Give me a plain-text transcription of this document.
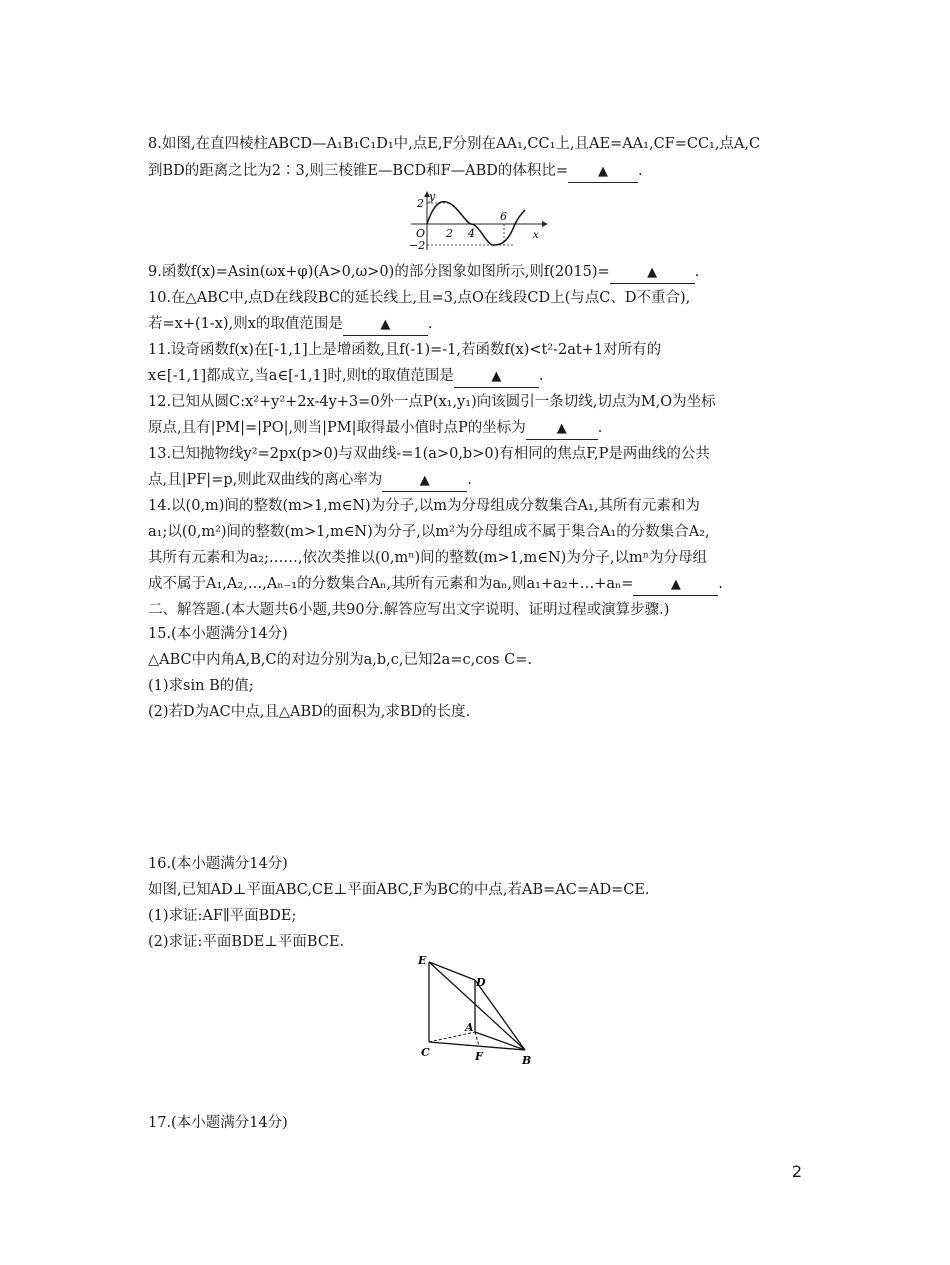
8.如图,在直四棱柱ABCD—A₁B₁C₁D₁中,点E,F分别在AA₁,CC₁上,且AE=AA₁,CF=CC₁,点A,C
到BD的距离之比为2∶3,则三棱锥E—BCD和F—ABD的体积比= ▲ .
y
x
O
2
−2
2 4
6
9.函数f(x)=Asin(ωx+φ)(A>0,ω>0)的部分图象如图所示,则f(2015)=	▲	.
10.在△ABC中,点D在线段BC的延长线上,且=3,点O在线段CD上(与点C、D不重合),
若=x+(1-x),则x的取值范围是	▲	.
11.设奇函数f(x)在[-1,1]上是增函数,且f(-1)=-1,若函数f(x)<t²-2at+1对所有的
x∈[-1,1]都成立,当a∈[-1,1]时,则t的取值范围是	▲	.
12.已知从圆C:x²+y²+2x-4y+3=0外一点P(x₁,y₁)向该圆引一条切线,切点为M,O为坐标
原点,且有|PM|=|PO|,则当|PM|取得最小值时点P的坐标为 ▲ .
13.已知抛物线y²=2px(p>0)与双曲线-=1(a>0,b>0)有相同的焦点F,P是两曲线的公共
点,且|PF|=p,则此双曲线的离心率为	▲	.
14.以(0,m)间的整数(m>1,m∈N)为分子,以m为分母组成分数集合A₁,其所有元素和为
a₁;以(0,m²)间的整数(m>1,m∈N)为分子,以m²为分母组成不属于集合A₁的分数集合A₂,
其所有元素和为a₂;……,依次类推以(0,mⁿ)间的整数(m>1,m∈N)为分子,以mⁿ为分母组
成不属于A₁,A₂,…,Aₙ₋₁的分数集合Aₙ,其所有元素和为aₙ,则a₁+a₂+…+aₙ=	▲	.
二、解答题.(本大题共6小题,共90分.解答应写出文字说明、证明过程或演算步骤.)
15.(本小题满分14分)
△ABC中内角A,B,C的对边分别为a,b,c,已知2a=c,cos C=.
(1)求sin B的值;
(2)若D为AC中点,且△ABD的面积为,求BD的长度.
16.(本小题满分14分)
如图,已知AD⊥平面ABC,CE⊥平面ABC,F为BC的中点,若AB=AC=AD=CE.
(1)求证:AF∥平面BDE;
(2)求证:平面BDE⊥平面BCE.
E
D
A
C	F	B
17.(本小题满分14分)
2
